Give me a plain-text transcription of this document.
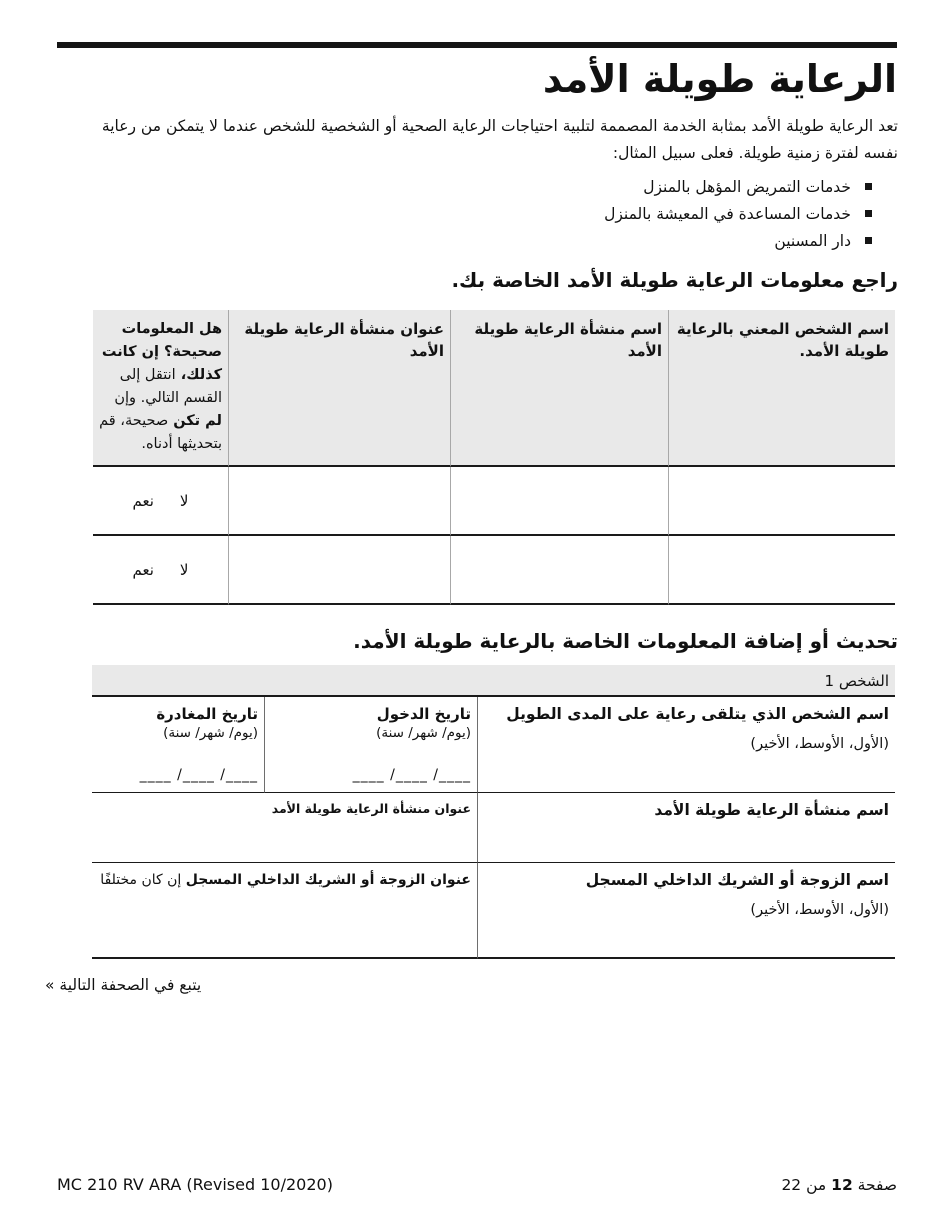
الرعاية طويلة الأمد
تعد الرعاية طويلة الأمد بمثابة الخدمة المصممة لتلبية احتياجات الرعاية الصحية أو الشخصية للشخص عندما لا يتمكن من رعاية نفسه لفترة زمنية طويلة. فعلى سبيل المثال:
خدمات التمريض المؤهل بالمنزل
خدمات المساعدة في المعيشة بالمنزل
دار المسنين
راجع معلومات الرعاية طويلة الأمد الخاصة بك.
اسم الشخص المعني بالرعاية طويلة الأمد.
اسم منشأة الرعاية طويلة الأمد
عنوان منشأة الرعاية طويلة الأمد
هل المعلومات صحيحة؟ إن كانت كذلك، انتقل إلى القسم التالي. وإن لم تكن صحيحة، قم بتحديثها أدناه.
لا
نعم
لا
نعم
تحديث أو إضافة المعلومات الخاصة بالرعاية طويلة الأمد.
الشخص 1
اسم الشخص الذي يتلقى رعاية على المدى الطويل
(الأول، الأوسط، الأخير)
تاريخ الدخول
(يوم/ شهر/ سنة)
____ /____ /____
تاريخ المغادرة
(يوم/ شهر/ سنة)
____ /____ /____
اسم منشأة الرعاية طويلة الأمد
عنوان منشأة الرعاية طويلة الأمد
اسم الزوجة أو الشريك الداخلي المسجل
(الأول، الأوسط، الأخير)
عنوان الزوجة أو الشريك الداخلي المسجل إن كان مختلفًا
يتبع في الصحفة التالية »
MC 210 RV ARA (Revised 10/2020)	صفحة 12 من 22
